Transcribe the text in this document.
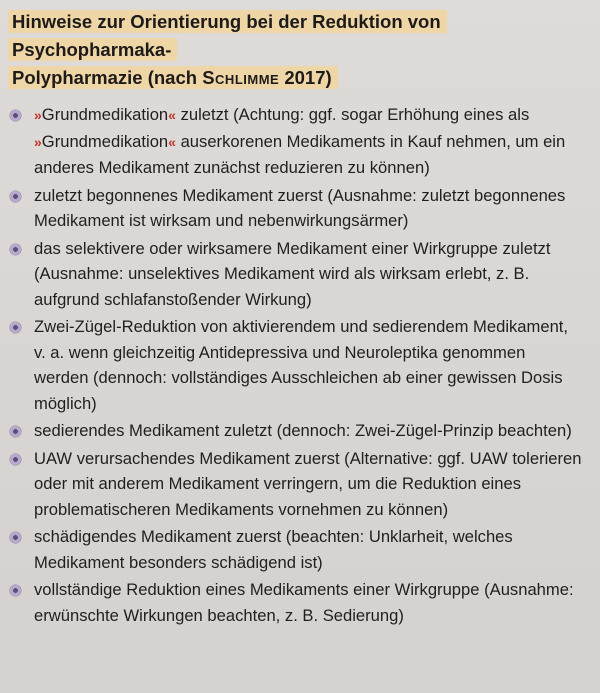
Hinweise zur Orientierung bei der Reduktion von Psychopharmaka-
Polypharmazie (nach Schlimme 2017)
»Grundmedikation« zuletzt (Achtung: ggf. sogar Erhöhung eines als »Grundmedikation« auserkorenen Medikaments in Kauf nehmen, um ein anderes Medikament zunächst reduzieren zu können)
zuletzt begonnenes Medikament zuerst (Ausnahme: zuletzt begonnenes Medikament ist wirksam und nebenwirkungsärmer)
das selektivere oder wirksamere Medikament einer Wirkgruppe zuletzt (Ausnahme: unselektives Medikament wird als wirksam erlebt, z. B. aufgrund schlafanstoßender Wirkung)
Zwei-Zügel-Reduktion von aktivierendem und sedierendem Medikament, v. a. wenn gleichzeitig Antidepressiva und Neuroleptika genommen werden (dennoch: vollständiges Ausschleichen ab einer gewissen Dosis möglich)
sedierendes Medikament zuletzt (dennoch: Zwei-Zügel-Prinzip beachten)
UAW verursachendes Medikament zuerst (Alternative: ggf. UAW tolerieren oder mit anderem Medikament verringern, um die Reduktion eines problematischeren Medikaments vornehmen zu können)
schädigendes Medikament zuerst (beachten: Unklarheit, welches Medikament besonders schädigend ist)
vollständige Reduktion eines Medikaments einer Wirkgruppe (Ausnahme: erwünschte Wirkungen beachten, z. B. Sedierung)
